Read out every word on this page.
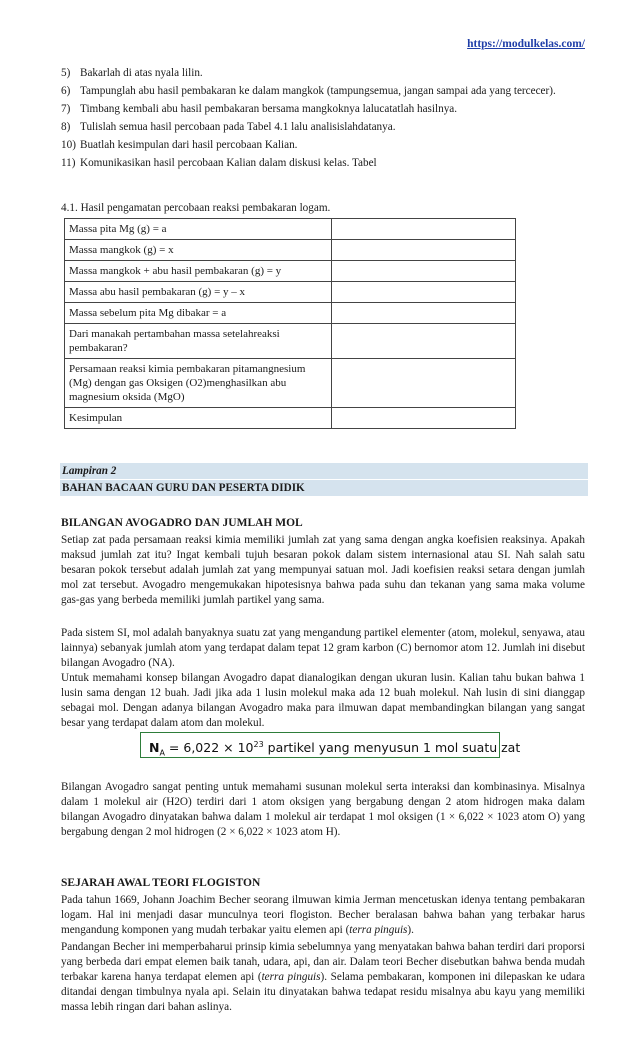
https://modulkelas.com/
5) Bakarlah di atas nyala lilin.
6) Tampunglah abu hasil pembakaran ke dalam mangkok (tampungsemua, jangan sampai ada yang tercecer).
7) Timbang kembali abu hasil pembakaran bersama mangkoknya lalucatatlah hasilnya.
8) Tulislah semua hasil percobaan pada Tabel 4.1 lalu analisislahdatanya.
10) Buatlah kesimpulan dari hasil percobaan Kalian.
11) Komunikasikan hasil percobaan Kalian dalam diskusi kelas. Tabel
4.1. Hasil pengamatan percobaan reaksi pembakaran logam.
Massa pita Mg (g) = a	
Massa mangkok (g) = x	
Massa mangkok + abu hasil pembakaran (g) = y	
Massa abu hasil pembakaran (g) = y – x	
Massa sebelum pita Mg dibakar = a	
Dari manakah pertambahan massa setelahreaksi pembakaran?	
Persamaan reaksi kimia pembakaran pitamangnesium (Mg) dengan gas Oksigen (O2)menghasilkan abu magnesium oksida (MgO)	
Kesimpulan	
Lampiran 2
BAHAN BACAAN GURU DAN PESERTA DIDIK
BILANGAN AVOGADRO DAN JUMLAH MOL

Setiap zat pada persamaan reaksi kimia memiliki jumlah zat yang sama dengan angka koefisien reaksinya. Apakah maksud jumlah zat itu? Ingat kembali tujuh besaran pokok dalam sistem internasional atau SI. Nah salah satu besaran pokok tersebut adalah jumlah zat yang mempunyai satuan mol. Jadi koefisien reaksi setara dengan jumlah mol zat tersebut. Avogadro mengemukakan hipotesisnya bahwa pada suhu dan tekanan yang sama maka volume gas-gas yang berbeda memiliki jumlah partikel yang sama.

Pada sistem SI, mol adalah banyaknya suatu zat yang mengandung partikel elementer (atom, molekul, senyawa, atau lainnya) sebanyak jumlah atom yang terdapat dalam tepat 12 gram karbon (C) bernomor atom 12. Jumlah ini disebut bilangan Avogadro (NA).

Untuk memahami konsep bilangan Avogadro dapat dianalogikan dengan ukuran lusin. Kalian tahu bukan bahwa 1 lusin sama dengan 12 buah. Jadi jika ada 1 lusin molekul maka ada 12 buah molekul. Nah lusin di sini dianggap sebagai mol. Dengan adanya bilangan Avogadro maka para ilmuwan dapat membandingkan bilangan yang sangat besar yang terdapat dalam atom dan molekul.

$N_A = 6,022 \times 10^{23}$ partikel yang menyusun 1 mol suatu zat

Bilangan Avogadro sangat penting untuk memahami susunan molekul serta interaksi dan kombinasinya. Misalnya dalam 1 molekul air (H2O) terdiri dari 1 atom oksigen yang bergabung dengan 2 atom hidrogen maka dalam bilangan Avogadro dinyatakan bahwa dalam 1 molekul air terdapat 1 mol oksigen (1 × 6,022 × 1023 atom O) yang bergabung dengan 2 mol hidrogen (2 × 6,022 × 1023 atom H).

SEJARAH AWAL TEORI FLOGISTON

Pada tahun 1669, Johann Joachim Becher seorang ilmuwan kimia Jerman mencetuskan idenya tentang pembakaran logam. Hal ini menjadi dasar munculnya teori flogiston. Becher beralasan bahwa bahan yang terbakar harus mengandung komponen yang mudah terbakar yaitu elemen api (terra pinguis).

Pandangan Becher ini memperbaharui prinsip kimia sebelumnya yang menyatakan bahwa bahan terdiri dari proporsi yang berbeda dari empat elemen baik tanah, udara, api, dan air. Dalam teori Becher disebutkan bahwa benda mudah terbakar karena hanya terdapat elemen api (terra pinguis). Selama pembakaran, komponen ini dilepaskan ke udara ditandai dengan timbulnya nyala api. Selain itu dinyatakan bahwa tedapat residu misalnya abu kayu yang memiliki massa lebih ringan dari bahan aslinya.
